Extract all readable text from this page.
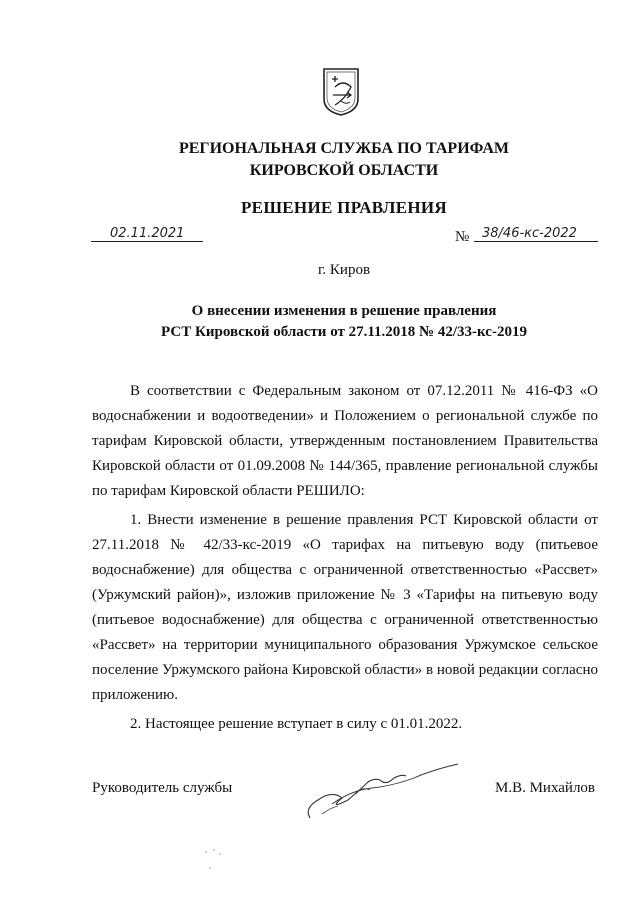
РЕГИОНАЛЬНАЯ СЛУЖБА ПО ТАРИФАМ
КИРОВСКОЙ ОБЛАСТИ
РЕШЕНИЕ ПРАВЛЕНИЯ
02.11.2021	№ 38/46-кс-2022
г. Киров
О внесении изменения в решение правления
РСТ Кировской области от 27.11.2018 № 42/33-кс-2019

В соответствии с Федеральным законом от 07.12.2011 № 416-ФЗ «О водоснабжении и водоотведении» и Положением о региональной службе по тарифам Кировской области, утвержденным постановлением Правительства Кировской области от 01.09.2008 № 144/365, правление региональной службы по тарифам Кировской области РЕШИЛО:

1. Внести изменение в решение правления РСТ Кировской области от 27.11.2018 № 42/33-кс-2019 «О тарифах на питьевую воду (питьевое водоснабжение) для общества с ограниченной ответственностью «Рассвет» (Уржумский район)», изложив приложение № 3 «Тарифы на питьевую воду (питьевое водоснабжение) для общества с ограниченной ответственностью «Рассвет» на территории муниципального образования Уржумское сельское поселение Уржумского района Кировской области» в новой редакции согласно приложению.

2. Настоящее решение вступает в силу с 01.01.2022.

Руководитель службы	М.В. Михайлов
